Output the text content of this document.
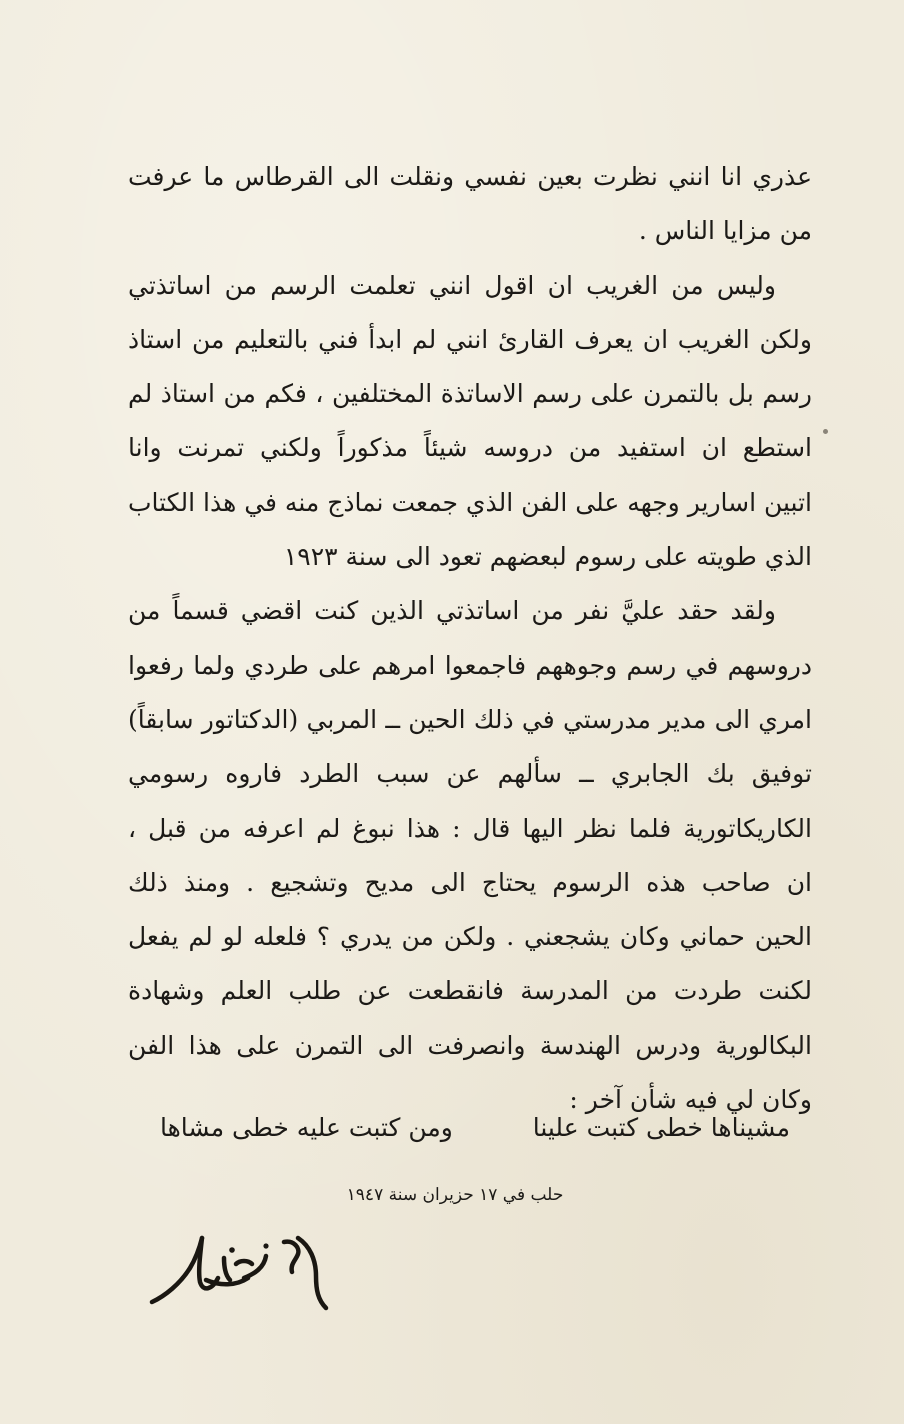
عذري انا انني نظرت بعين نفسي ونقلت الى القرطاس ما عرفت
من مزايا الناس .
وليس من الغريب ان اقول انني تعلمت الرسم من اساتذتي
ولكن الغريب ان يعرف القارئ انني لم ابدأ فني بالتعليم من استاذ
رسم بل بالتمرن على رسم الاساتذة المختلفين ، فكم من استاذ لم
استطع ان استفيد من دروسه شيئاً مذكوراً ولكني تمرنت وانا
اتبين اسارير وجهه على الفن الذي جمعت نماذج منه في هذا الكتاب
الذي طويته على رسوم لبعضهم تعود الى سنة ١٩٢٣
ولقد حقد عليَّ نفر من اساتذتي الذين كنت اقضي قسماً من
دروسهم في رسم وجوههم فاجمعوا امرهم على طردي ولما رفعوا
امري الى مدير مدرستي في ذلك الحين ــ المربي (الدكتاتور سابقاً)
توفيق بك الجابري ــ سألهم عن سبب الطرد فاروه رسومي
الكاريكاتورية فلما نظر اليها قال : هذا نبوغ لم اعرفه من قبل ،
ان صاحب هذه الرسوم يحتاج الى مديح وتشجيع . ومنذ ذلك
الحين حماني وكان يشجعني . ولكن من يدري ؟ فلعله لو لم يفعل
لكنت طردت من المدرسة فانقطعت عن طلب العلم وشهادة
البكالورية ودرس الهندسة وانصرفت الى التمرن على هذا الفن
وكان لي فيه شأن آخر :
مشيناها خطى كتبت علينا
ومن كتبت عليه خطى مشاها
حلب في ١٧ حزيران سنة ١٩٤٧
